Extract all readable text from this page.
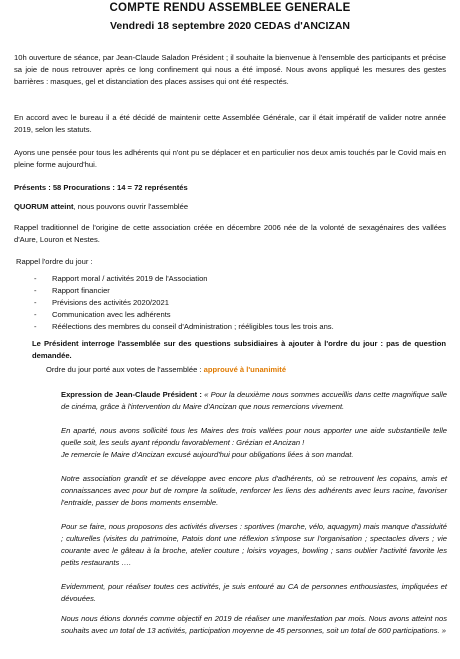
COMPTE RENDU ASSEMBLEE GENERALE
Vendredi 18 septembre 2020 CEDAS d'ANCIZAN
10h ouverture de séance, par Jean-Claude Saladon Président ; il souhaite la bienvenue à l'ensemble des participants et précise sa joie de nous retrouver après ce long confinement qui nous a été imposé. Nous avons appliqué les mesures des gestes barrières : masques, gel et distanciation des places assises qui ont été respectés.
En accord avec le bureau il a été décidé de maintenir cette Assemblée Générale, car il était impératif de valider notre année 2019, selon les statuts.
Ayons une pensée pour tous les adhérents qui n'ont pu se déplacer et en particulier nos deux amis touchés par le Covid mais en pleine forme aujourd'hui.
Présents : 58 Procurations : 14 = 72 représentés
QUORUM atteint, nous pouvons ouvrir l'assemblée
Rappel traditionnel de l'origine de cette association créée en décembre 2006 née de la volonté de sexagénaires des vallées d'Aure, Louron et Nestes.
Rappel l'ordre du jour :
- Rapport moral / activités 2019 de l'Association
- Rapport financier
- Prévisions des activités 2020/2021
- Communication avec les adhérents
- Réélections des membres du conseil d'Administration ; rééligibles tous les trois ans.
Le Président interroge l'assemblée sur des questions subsidiaires à ajouter à l'ordre du jour : pas de question demandée.
Ordre du jour porté aux votes de l'assemblée : approuvé à l'unanimité
Expression de Jean-Claude Président : « Pour la deuxième nous sommes accueillis dans cette magnifique salle de cinéma, grâce à l'intervention du Maire d'Ancizan que nous remercions vivement.
En aparté, nous avons sollicité tous les Maires des trois vallées pour nous apporter une aide substantielle telle quelle soit, les seuls ayant répondu favorablement : Grézian et Ancizan !
Je remercie le Maire d'Ancizan excusé aujourd'hui pour obligations liées à son mandat.
Notre association grandit et se développe avec encore plus d'adhérents, où se retrouvent les copains, amis et connaissances avec pour but de rompre la solitude, renforcer les liens des adhérents avec leurs racine, favoriser l'entraide, passer de bons moments ensemble.
Pour se faire, nous proposons des activités diverses : sportives (marche, vélo, aquagym) mais manque d'assiduité ; culturelles (visites du patrimoine, Patois dont une réflexion s'impose sur l'organisation ; spectacles divers ; vie courante avec le gâteau à la broche, atelier couture ; loisirs voyages, bowling ; sans oublier l'activité favorite les petits restaurants ….
Evidemment, pour réaliser toutes ces activités, je suis entouré au CA de personnes enthousiastes, impliquées et dévouées.
Nous nous étions donnés comme objectif en 2019 de réaliser une manifestation par mois. Nous avons atteint nos souhaits avec un total de 13 activités, participation moyenne de 45 personnes, soit un total de 600 participations. »
